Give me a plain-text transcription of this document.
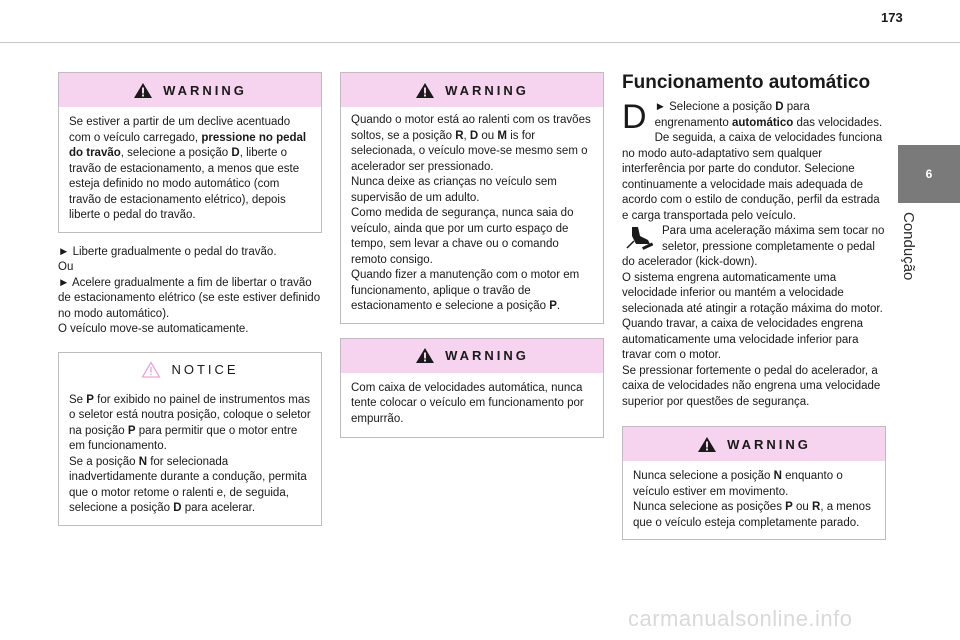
173
6
Condução
WARNING
Se estiver a partir de um declive acentuado com o veículo carregado, pressione no pedal do travão, selecione a posição D, liberte o travão de estacionamento, a menos que este esteja definido no modo automático (com travão de estacionamento elétrico), depois liberte o pedal do travão.
► Liberte gradualmente o pedal do travão.
Ou
► Acelere gradualmente a fim de libertar o travão de estacionamento elétrico (se este estiver definido no modo automático).
O veículo move-se automaticamente.
NOTICE
Se P for exibido no painel de instrumentos mas o seletor está noutra posição, coloque o seletor na posição P para permitir que o motor entre em funcionamento.
Se a posição N for selecionada inadvertidamente durante a condução, permita que o motor retome o ralenti e, de seguida, selecione a posição D para acelerar.
WARNING
Quando o motor está ao ralenti com os travões soltos, se a posição R, D ou M is for selecionada, o veículo move-se mesmo sem o acelerador ser pressionado.
Nunca deixe as crianças no veículo sem supervisão de um adulto.
Como medida de segurança, nunca saia do veículo, ainda que por um curto espaço de tempo, sem levar a chave ou o comando remoto consigo.
Quando fizer a manutenção com o motor em funcionamento, aplique o travão de estacionamento e selecione a posição P.
WARNING
Com caixa de velocidades automática, nunca tente colocar o veículo em funcionamento por empurrão.
Funcionamento automático
D ► Selecione a posição D para engrenamento automático das velocidades.
De seguida, a caixa de velocidades funciona no modo auto-adaptativo sem qualquer interferência por parte do condutor. Selecione continuamente a velocidade mais adequada de acordo com o estilo de condução, perfil da estrada e carga transportada pelo veículo.
Para uma aceleração máxima sem tocar no seletor, pressione completamente o pedal do acelerador (kick-down).
O sistema engrena automaticamente uma velocidade inferior ou mantém a velocidade selecionada até atingir a rotação máxima do motor.
Quando travar, a caixa de velocidades engrena automaticamente uma velocidade inferior para travar com o motor.
Se pressionar fortemente o pedal do acelerador, a caixa de velocidades não engrena uma velocidade superior por questões de segurança.
WARNING
Nunca selecione a posição N enquanto o veículo estiver em movimento.
Nunca selecione as posições P ou R, a menos que o veículo esteja completamente parado.
carmanualsonline.info
